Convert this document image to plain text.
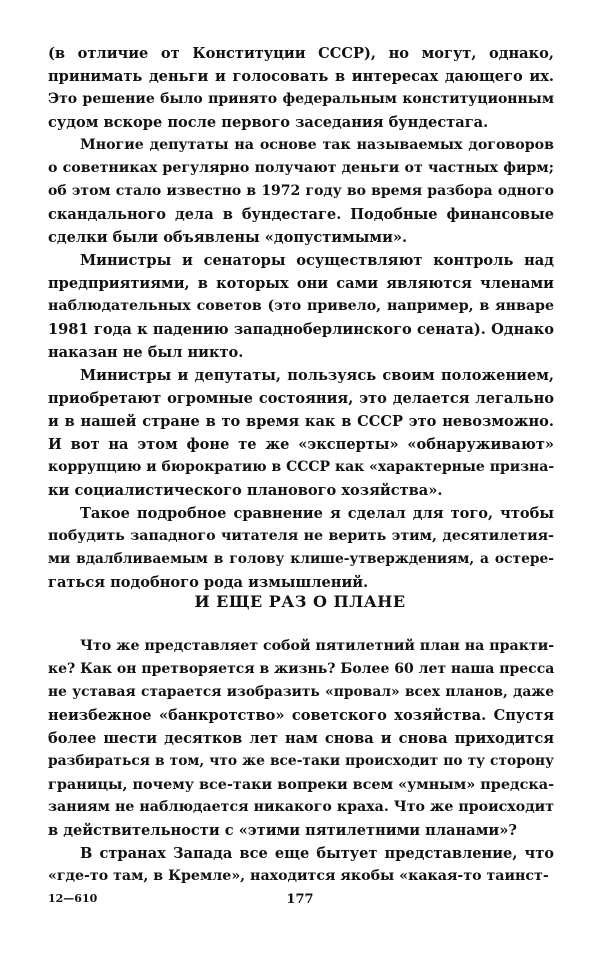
(в отличие от Конституции СССР), но могут, однако,
принимать деньги и голосовать в интересах дающего их.
Это решение было принято федеральным конституционным
судом вскоре после первого заседания бундестага.
Многие депутаты на основе так называемых договоров
о советниках регулярно получают деньги от частных фирм;
об этом стало известно в 1972 году во время разбора одного
скандального дела в бундестаге. Подобные финансовые
сделки были объявлены «допустимыми».
Министры и сенаторы осуществляют контроль над
предприятиями, в которых они сами являются членами
наблюдательных советов (это привело, например, в январе
1981 года к падению западноберлинского сената). Однако
наказан не был никто.
Министры и депутаты, пользуясь своим положением,
приобретают огромные состояния, это делается легально
и в нашей стране в то время как в СССР это невозможно.
И вот на этом фоне те же «эксперты» «обнаруживают»
коррупцию и бюрократию в СССР как «характерные призна-
ки социалистического планового хозяйства».
Такое подробное сравнение я сделал для того, чтобы
побудить западного читателя не верить этим, десятилетия-
ми вдалбливаемым в голову клише-утверждениям, а остере-
гаться подобного рода измышлений.
И ЕЩЕ РАЗ О ПЛАНЕ
Что же представляет собой пятилетний план на практи-
ке? Как он претворяется в жизнь? Более 60 лет наша пресса
не уставая старается изобразить «провал» всех планов, даже
неизбежное «банкротство» советского хозяйства. Спустя
более шести десятков лет нам снова и снова приходится
разбираться в том, что же все-таки происходит по ту сторону
границы, почему все-таки вопреки всем «умным» предска-
заниям не наблюдается никакого краха. Что же происходит
в действительности с «этими пятилетними планами»?
В странах Запада все еще бытует представление, что
«где-то там, в Кремле», находится якобы «какая-то таинст-
12—610	177
